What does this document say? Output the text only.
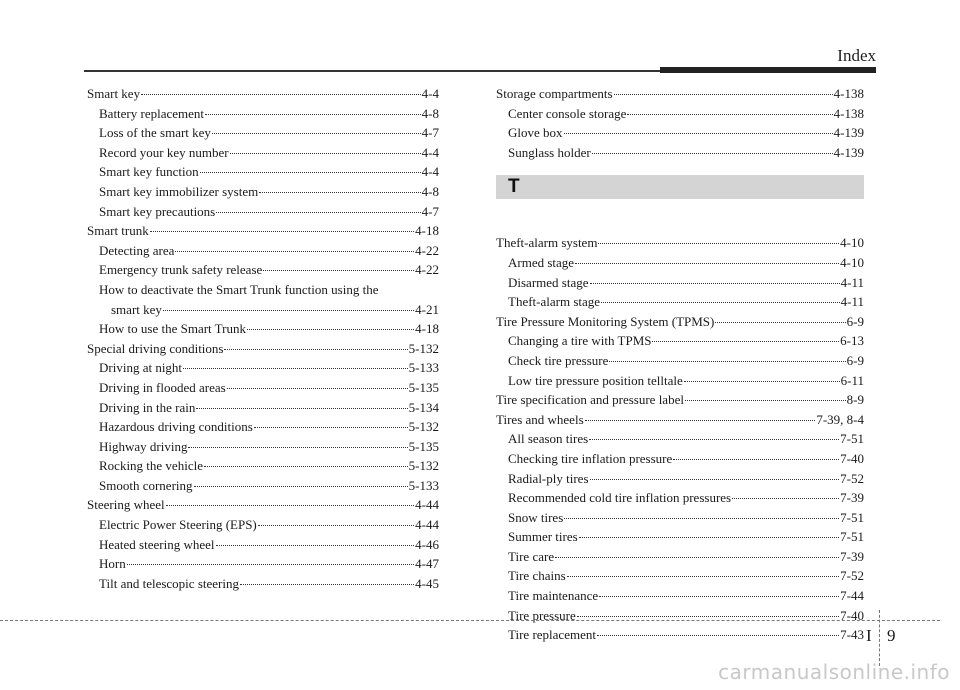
Index
Smart key	4-4
Battery replacement	4-8
Loss of the smart key	4-7
Record your key number	4-4
Smart key function	4-4
Smart key immobilizer system	4-8
Smart key precautions	4-7
Smart trunk	4-18
Detecting area	4-22
Emergency trunk safety release	4-22
How to deactivate the Smart Trunk function using the
smart key	4-21
How to use the Smart Trunk	4-18
Special driving conditions	5-132
Driving at night	5-133
Driving in flooded areas	5-135
Driving in the rain	5-134
Hazardous driving conditions	5-132
Highway driving	5-135
Rocking the vehicle	5-132
Smooth cornering	5-133
Steering wheel	4-44
Electric Power Steering (EPS)	4-44
Heated steering wheel	4-46
Horn	4-47
Tilt and telescopic steering	4-45
Storage compartments	4-138
Center console storage	4-138
Glove box	4-139
Sunglass holder	4-139
T
Theft-alarm system	4-10
Armed stage	4-10
Disarmed stage	4-11
Theft-alarm stage	4-11
Tire Pressure Monitoring System (TPMS)	6-9
Changing a tire with TPMS	6-13
Check tire pressure	6-9
Low tire pressure position telltale	6-11
Tire specification and pressure label	8-9
Tires and wheels	7-39, 8-4
All season tires	7-51
Checking tire inflation pressure	7-40
Radial-ply tires	7-52
Recommended cold tire inflation pressures	7-39
Snow tires	7-51
Summer tires	7-51
Tire care	7-39
Tire chains	7-52
Tire maintenance	7-44
Tire pressure	7-40
Tire replacement	7-43 I 9
carmanualsonline.info
